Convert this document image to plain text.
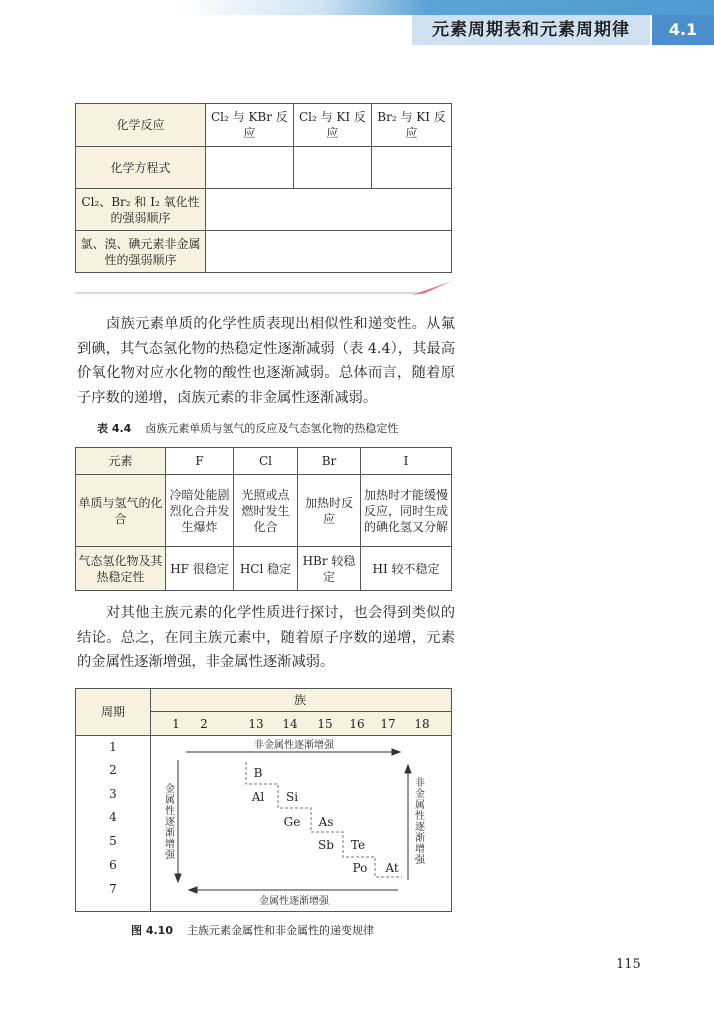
元素周期表和元素周期律	4.1
化学反应	Cl₂ 与 KBr 反应	Cl₂ 与 KI 反应	Br₂ 与 KI 反应
化学方程式			
Cl₂、Br₂ 和 I₂ 氧化性的强弱顺序			
氯、溴、碘元素非金属性的强弱顺序			
卤族元素单质的化学性质表现出相似性和递变性。从氟到碘，其气态氢化物的热稳定性逐渐减弱（表 4.4），其最高价氧化物对应水化物的酸性也逐渐减弱。总体而言，随着原子序数的递增，卤族元素的非金属性逐渐减弱。
表 4.4 卤族元素单质与氢气的反应及气态氢化物的热稳定性
元素	F	Cl	Br	I
单质与氢气的化合	冷暗处能剧烈化合并发生爆炸	光照或点燃时发生化合	加热时反应	加热时才能缓慢反应，同时生成的碘化氢又分解
气态氢化物及其热稳定性	HF 很稳定	HCl 稳定	HBr 较稳定	HI 较不稳定
对其他主族元素的化学性质进行探讨，也会得到类似的结论。总之，在同主族元素中，随着原子序数的递增，元素的金属性逐渐增强，非金属性逐渐减弱。
周期
族
1 2	13 14 15 16 17 18
1
2
3
4
5
6
7
B
Al Si
Ge As
Sb Te
Po At
非金属性逐渐增强
金属性逐渐增强
金属性逐渐增强	非金属性逐渐增强
图 4.10 主族元素金属性和非金属性的递变规律
115
